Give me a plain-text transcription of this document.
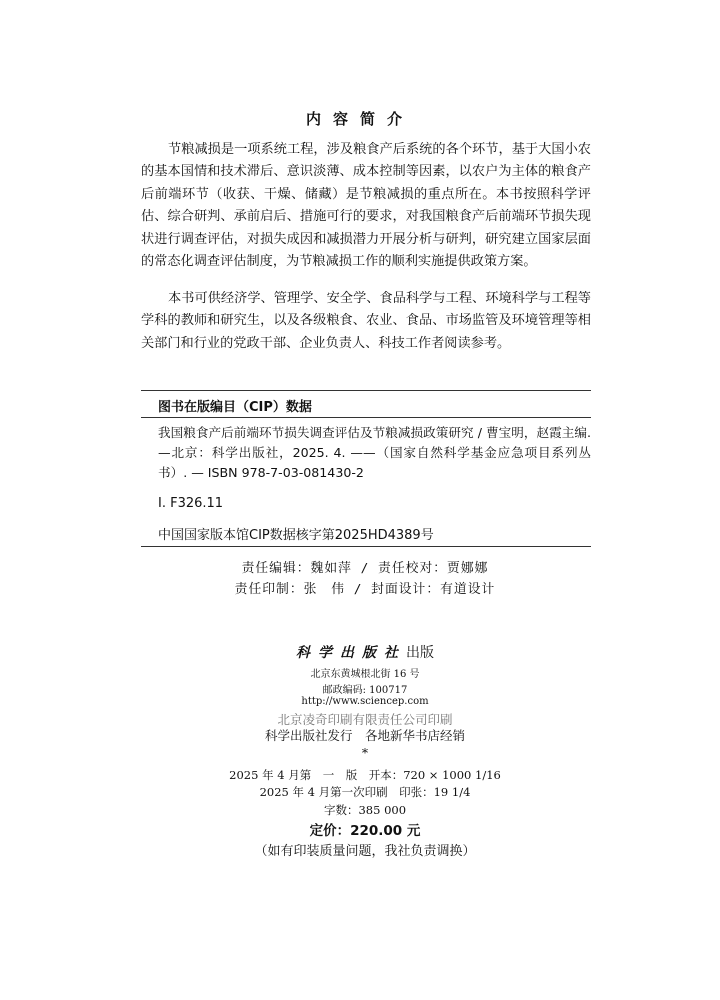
内容简介
节粮减损是一项系统工程，涉及粮食产后系统的各个环节，基于大国小农的基本国情和技术滞后、意识淡薄、成本控制等因素，以农户为主体的粮食产后前端环节（收获、干燥、储藏）是节粮减损的重点所在。本书按照科学评估、综合研判、承前启后、措施可行的要求，对我国粮食产后前端环节损失现状进行调查评估，对损失成因和减损潜力开展分析与研判，研究建立国家层面的常态化调查评估制度，为节粮减损工作的顺利实施提供政策方案。
本书可供经济学、管理学、安全学、食品科学与工程、环境科学与工程等学科的教师和研究生，以及各级粮食、农业、食品、市场监管及环境管理等相关部门和行业的党政干部、企业负责人、科技工作者阅读参考。
图书在版编目（CIP）数据
我国粮食产后前端环节损失调查评估及节粮减损政策研究 / 曹宝明，赵霞主编. —北京：科学出版社，2025. 4. ——（国家自然科学基金应急项目系列丛书）. — ISBN 978-7-03-081430-2
Ⅰ. F326.11
中国国家版本馆CIP数据核字第2025HD4389号
责任编辑：魏如萍 / 责任校对：贾娜娜
责任印制：张　伟 / 封面设计：有道设计
科学出版社出版
北京东黄城根北街 16 号
邮政编码: 100717
http://www.sciencep.com
北京凌奇印刷有限责任公司印刷
科学出版社发行　各地新华书店经销
*
2025 年 4 月第　一　版　开本：720 × 1000 1/16
2025 年 4 月第一次印刷　印张：19 1/4
字数：385 000
定价：220.00 元
（如有印装质量问题，我社负责调换）
